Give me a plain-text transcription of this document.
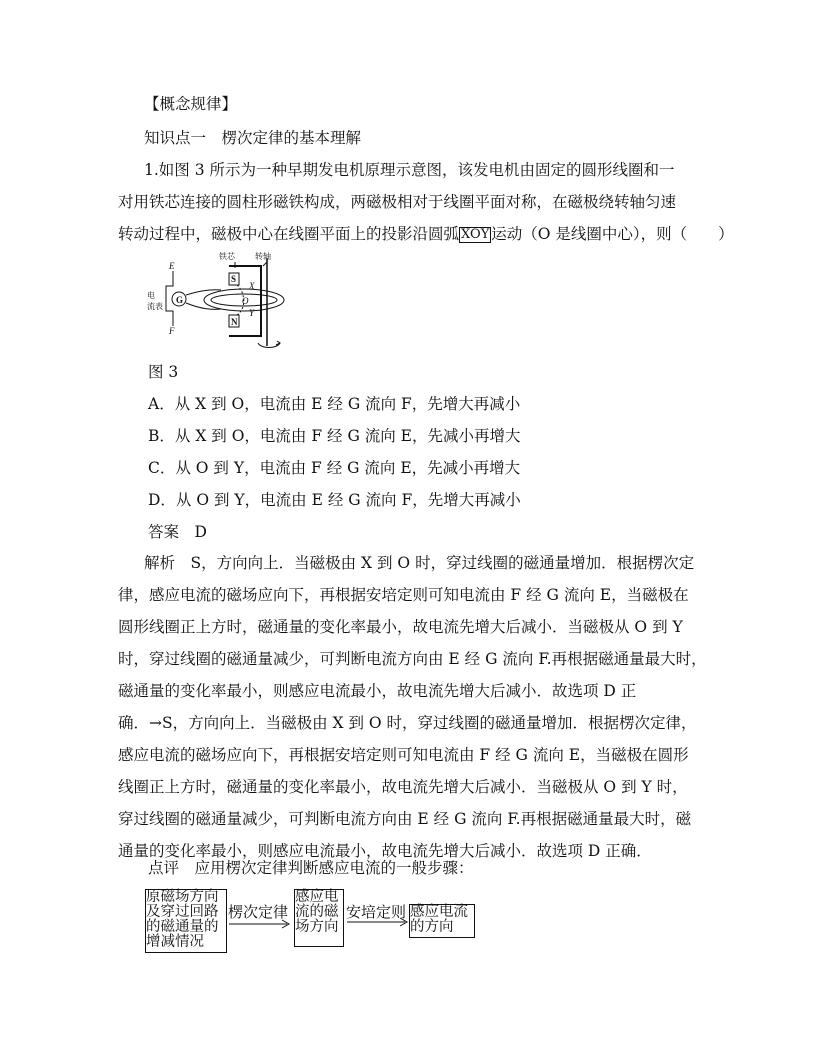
【概念规律】
知识点一　楞次定律的基本理解
1.如图 3 所示为一种早期发电机原理示意图，该发电机由固定的圆形线圈和一
对用铁芯连接的圆柱形磁铁构成，两磁极相对于线圈平面对称，在磁极绕转轴匀速
转动过程中，磁极中心在线圈平面上的投影沿圆弧 XOY 运动（O 是线圈中心），则（　　）
E
F
G
S
N
X
O
Y
铁芯	转轴
电
流表
图 3
A．从 X 到 O，电流由 E 经 G 流向 F，先增大再减小
B．从 X 到 O，电流由 F 经 G 流向 E，先减小再增大
C．从 O 到 Y，电流由 F 经 G 流向 E，先减小再增大
D．从 O 到 Y，电流由 E 经 G 流向 F，先增大再减小
答案　D
解析　S，方向向上．当磁极由 X 到 O 时，穿过线圈的磁通量增加．根据楞次定
律，感应电流的磁场应向下，再根据安培定则可知电流由 F 经 G 流向 E，当磁极在
圆形线圈正上方时，磁通量的变化率最小，故电流先增大后减小．当磁极从 O 到 Y
时，穿过线圈的磁通量减少，可判断电流方向由 E 经 G 流向 F.再根据磁通量最大时，
磁通量的变化率最小，则感应电流最小，故电流先增大后减小．故选项 D 正
确．→S，方向向上．当磁极由 X 到 O 时，穿过线圈的磁通量增加．根据楞次定律，
感应电流的磁场应向下，再根据安培定则可知电流由 F 经 G 流向 E，当磁极在圆形
线圈正上方时，磁通量的变化率最小，故电流先增大后减小．当磁极从 O 到 Y 时，
穿过线圈的磁通量减少，可判断电流方向由 E 经 G 流向 F.再根据磁通量最大时，磁
通量的变化率最小，则感应电流最小，故电流先增大后减小．故选项 D 正确．
点评　应用楞次定律判断感应电流的一般步骤：
原磁场方向及穿过回路的磁通量的增减情况
楞次定律
感应电流的磁场方向
安培定则 感应电流的方向
